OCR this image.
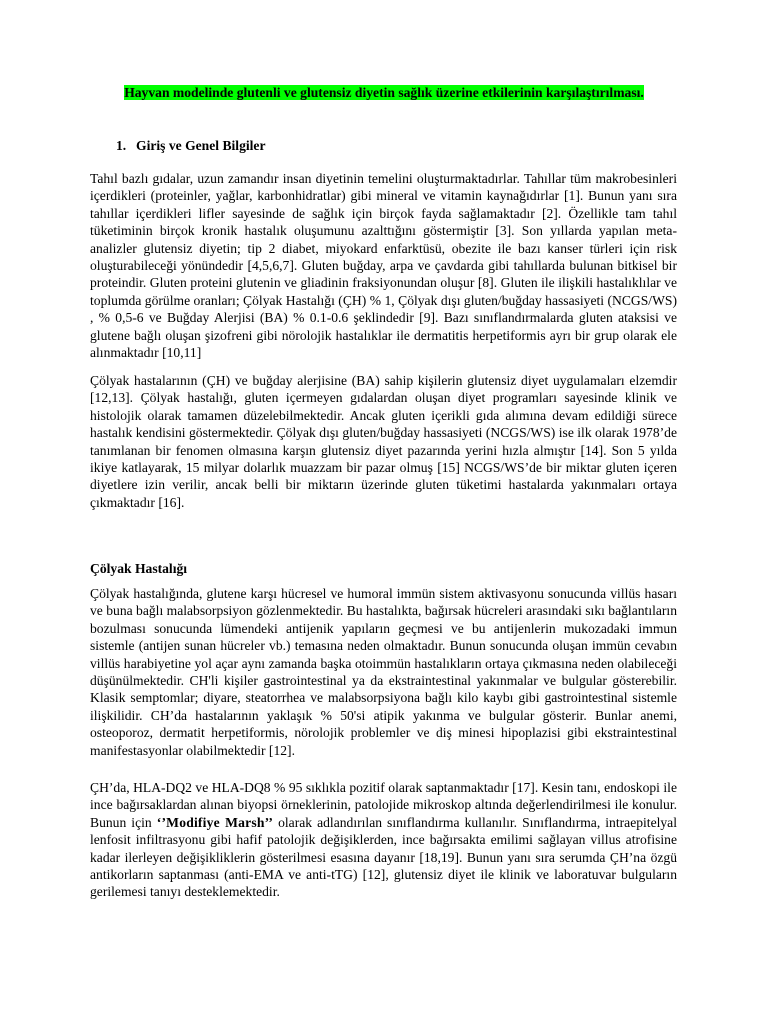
Hayvan modelinde glutenli ve glutensiz diyetin sağlık üzerine etkilerinin karşılaştırılması.
1. Giriş ve Genel Bilgiler
Tahıl bazlı gıdalar, uzun zamandır insan diyetinin temelini oluşturmaktadırlar. Tahıllar tüm makrobesinleri içerdikleri (proteinler, yağlar, karbonhidratlar) gibi mineral ve vitamin kaynağıdırlar [1]. Bunun yanı sıra tahıllar içerdikleri lifler sayesinde de sağlık için birçok fayda sağlamaktadır [2]. Özellikle tam tahıl tüketiminin birçok kronik hastalık oluşumunu azalttığını göstermiştir [3]. Son yıllarda yapılan meta-analizler glutensiz diyetin; tip 2 diabet, miyokard enfarktüsü, obezite ile bazı kanser türleri için risk oluşturabileceği yönündedir [4,5,6,7]. Gluten buğday, arpa ve çavdarda gibi tahıllarda bulunan bitkisel bir proteindir. Gluten proteini glutenin ve gliadinin fraksiyonundan oluşur [8]. Gluten ile ilişkili hastalıklılar ve toplumda görülme oranları; Çölyak Hastalığı (ÇH) % 1, Çölyak dışı gluten/buğday hassasiyeti (NCGS/WS) , % 0,5-6 ve Buğday Alerjisi (BA) % 0.1-0.6 şeklindedir [9]. Bazı sınıflandırmalarda gluten ataksisi ve glutene bağlı oluşan şizofreni gibi nörolojik hastalıklar ile dermatitis herpetiformis ayrı bir grup olarak ele alınmaktadır [10,11]
Çölyak hastalarının (ÇH) ve buğday alerjisine (BA) sahip kişilerin glutensiz diyet uygulamaları elzemdir [12,13]. Çölyak hastalığı, gluten içermeyen gıdalardan oluşan diyet programları sayesinde klinik ve histolojik olarak tamamen düzelebilmektedir. Ancak gluten içerikli gıda alımına devam edildiği sürece hastalık kendisini göstermektedir. Çölyak dışı gluten/buğday hassasiyeti (NCGS/WS) ise ilk olarak 1978’de tanımlanan bir fenomen olmasına karşın glutensiz diyet pazarında yerini hızla almıştır [14]. Son 5 yılda ikiye katlayarak, 15 milyar dolarlık muazzam bir pazar olmuş [15] NCGS/WS’de bir miktar gluten içeren diyetlere izin verilir, ancak belli bir miktarın üzerinde gluten tüketimi hastalarda yakınmaları ortaya çıkmaktadır [16].
Çölyak Hastalığı
Çölyak hastalığında, glutene karşı hücresel ve humoral immün sistem aktivasyonu sonucunda villüs hasarı ve buna bağlı malabsorpsiyon gözlenmektedir. Bu hastalıkta, bağırsak hücreleri arasındaki sıkı bağlantıların bozulması sonucunda lümendeki antijenik yapıların geçmesi ve bu antijenlerin mukozadaki immun sistemle (antijen sunan hücreler vb.) temasına neden olmaktadır. Bunun sonucunda oluşan immün cevabın villüs harabiyetine yol açar aynı zamanda başka otoimmün hastalıkların ortaya çıkmasına neden olabileceği düşünülmektedir. CH'li kişiler gastrointestinal ya da ekstraintestinal yakınmalar ve bulgular gösterebilir. Klasik semptomlar; diyare, steatorrhea ve malabsorpsiyona bağlı kilo kaybı gibi gastrointestinal sistemle ilişkilidir. CH’da hastalarının yaklaşık % 50'si atipik yakınma ve bulgular gösterir. Bunlar anemi, osteoporoz, dermatit herpetiformis, nörolojik problemler ve diş minesi hipoplazisi gibi ekstraintestinal manifestasyonlar olabilmektedir [12].
ÇH’da, HLA-DQ2 ve HLA-DQ8 % 95 sıklıkla pozitif olarak saptanmaktadır [17]. Kesin tanı, endoskopi ile ince bağırsaklardan alınan biyopsi örneklerinin, patolojide mikroskop altında değerlendirilmesi ile konulur. Bunun için ‘’Modifiye Marsh’’ olarak adlandırılan sınıflandırma kullanılır. Sınıflandırma, intraepitelyal lenfosit infiltrasyonu gibi hafif patolojik değişiklerden, ince bağırsakta emilimi sağlayan villus atrofisine kadar ilerleyen değişikliklerin gösterilmesi esasına dayanır [18,19]. Bunun yanı sıra serumda ÇH’na özgü antikorların saptanması (anti-EMA ve anti-tTG) [12], glutensiz diyet ile klinik ve laboratuvar bulguların gerilemesi tanıyı desteklemektedir.
